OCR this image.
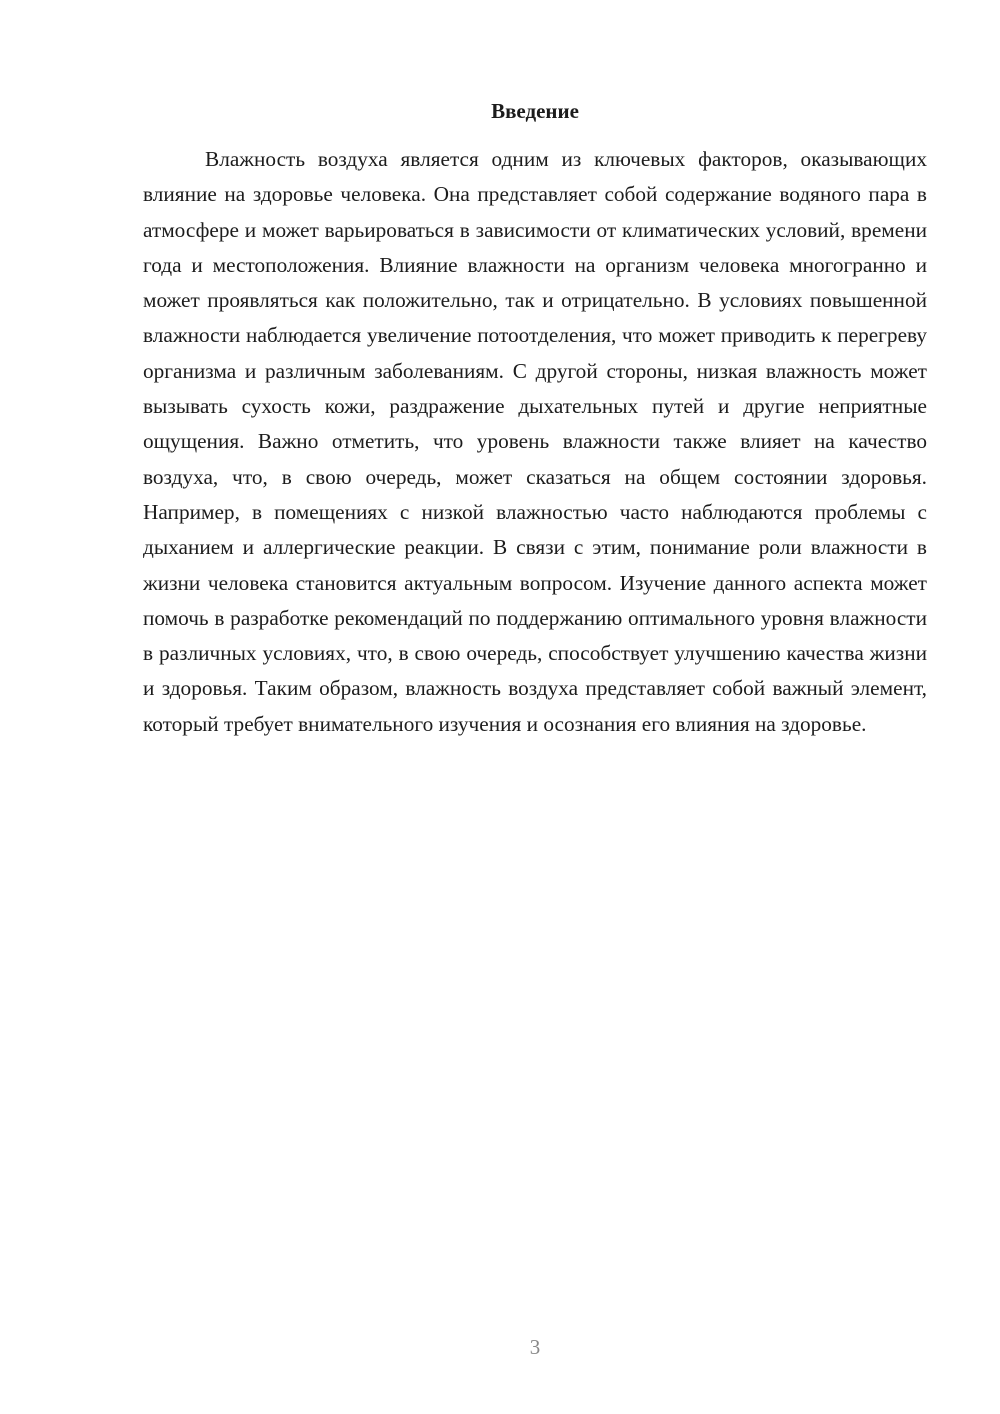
Введение

Влажность воздуха является одним из ключевых факторов, оказывающих влияние на здоровье человека. Она представляет собой содержание водяного пара в атмосфере и может варьироваться в зависимости от климатических условий, времени года и местоположения. Влияние влажности на организм человека многогранно и может проявляться как положительно, так и отрицательно. В условиях повышенной влажности наблюдается увеличение потоотделения, что может приводить к перегреву организма и различным заболеваниям. С другой стороны, низкая влажность может вызывать сухость кожи, раздражение дыхательных путей и другие неприятные ощущения. Важно отметить, что уровень влажности также влияет на качество воздуха, что, в свою очередь, может сказаться на общем состоянии здоровья. Например, в помещениях с низкой влажностью часто наблюдаются проблемы с дыханием и аллергические реакции. В связи с этим, понимание роли влажности в жизни человека становится актуальным вопросом. Изучение данного аспекта может помочь в разработке рекомендаций по поддержанию оптимального уровня влажности в различных условиях, что, в свою очередь, способствует улучшению качества жизни и здоровья. Таким образом, влажность воздуха представляет собой важный элемент, который требует внимательного изучения и осознания его влияния на здоровье.

3
